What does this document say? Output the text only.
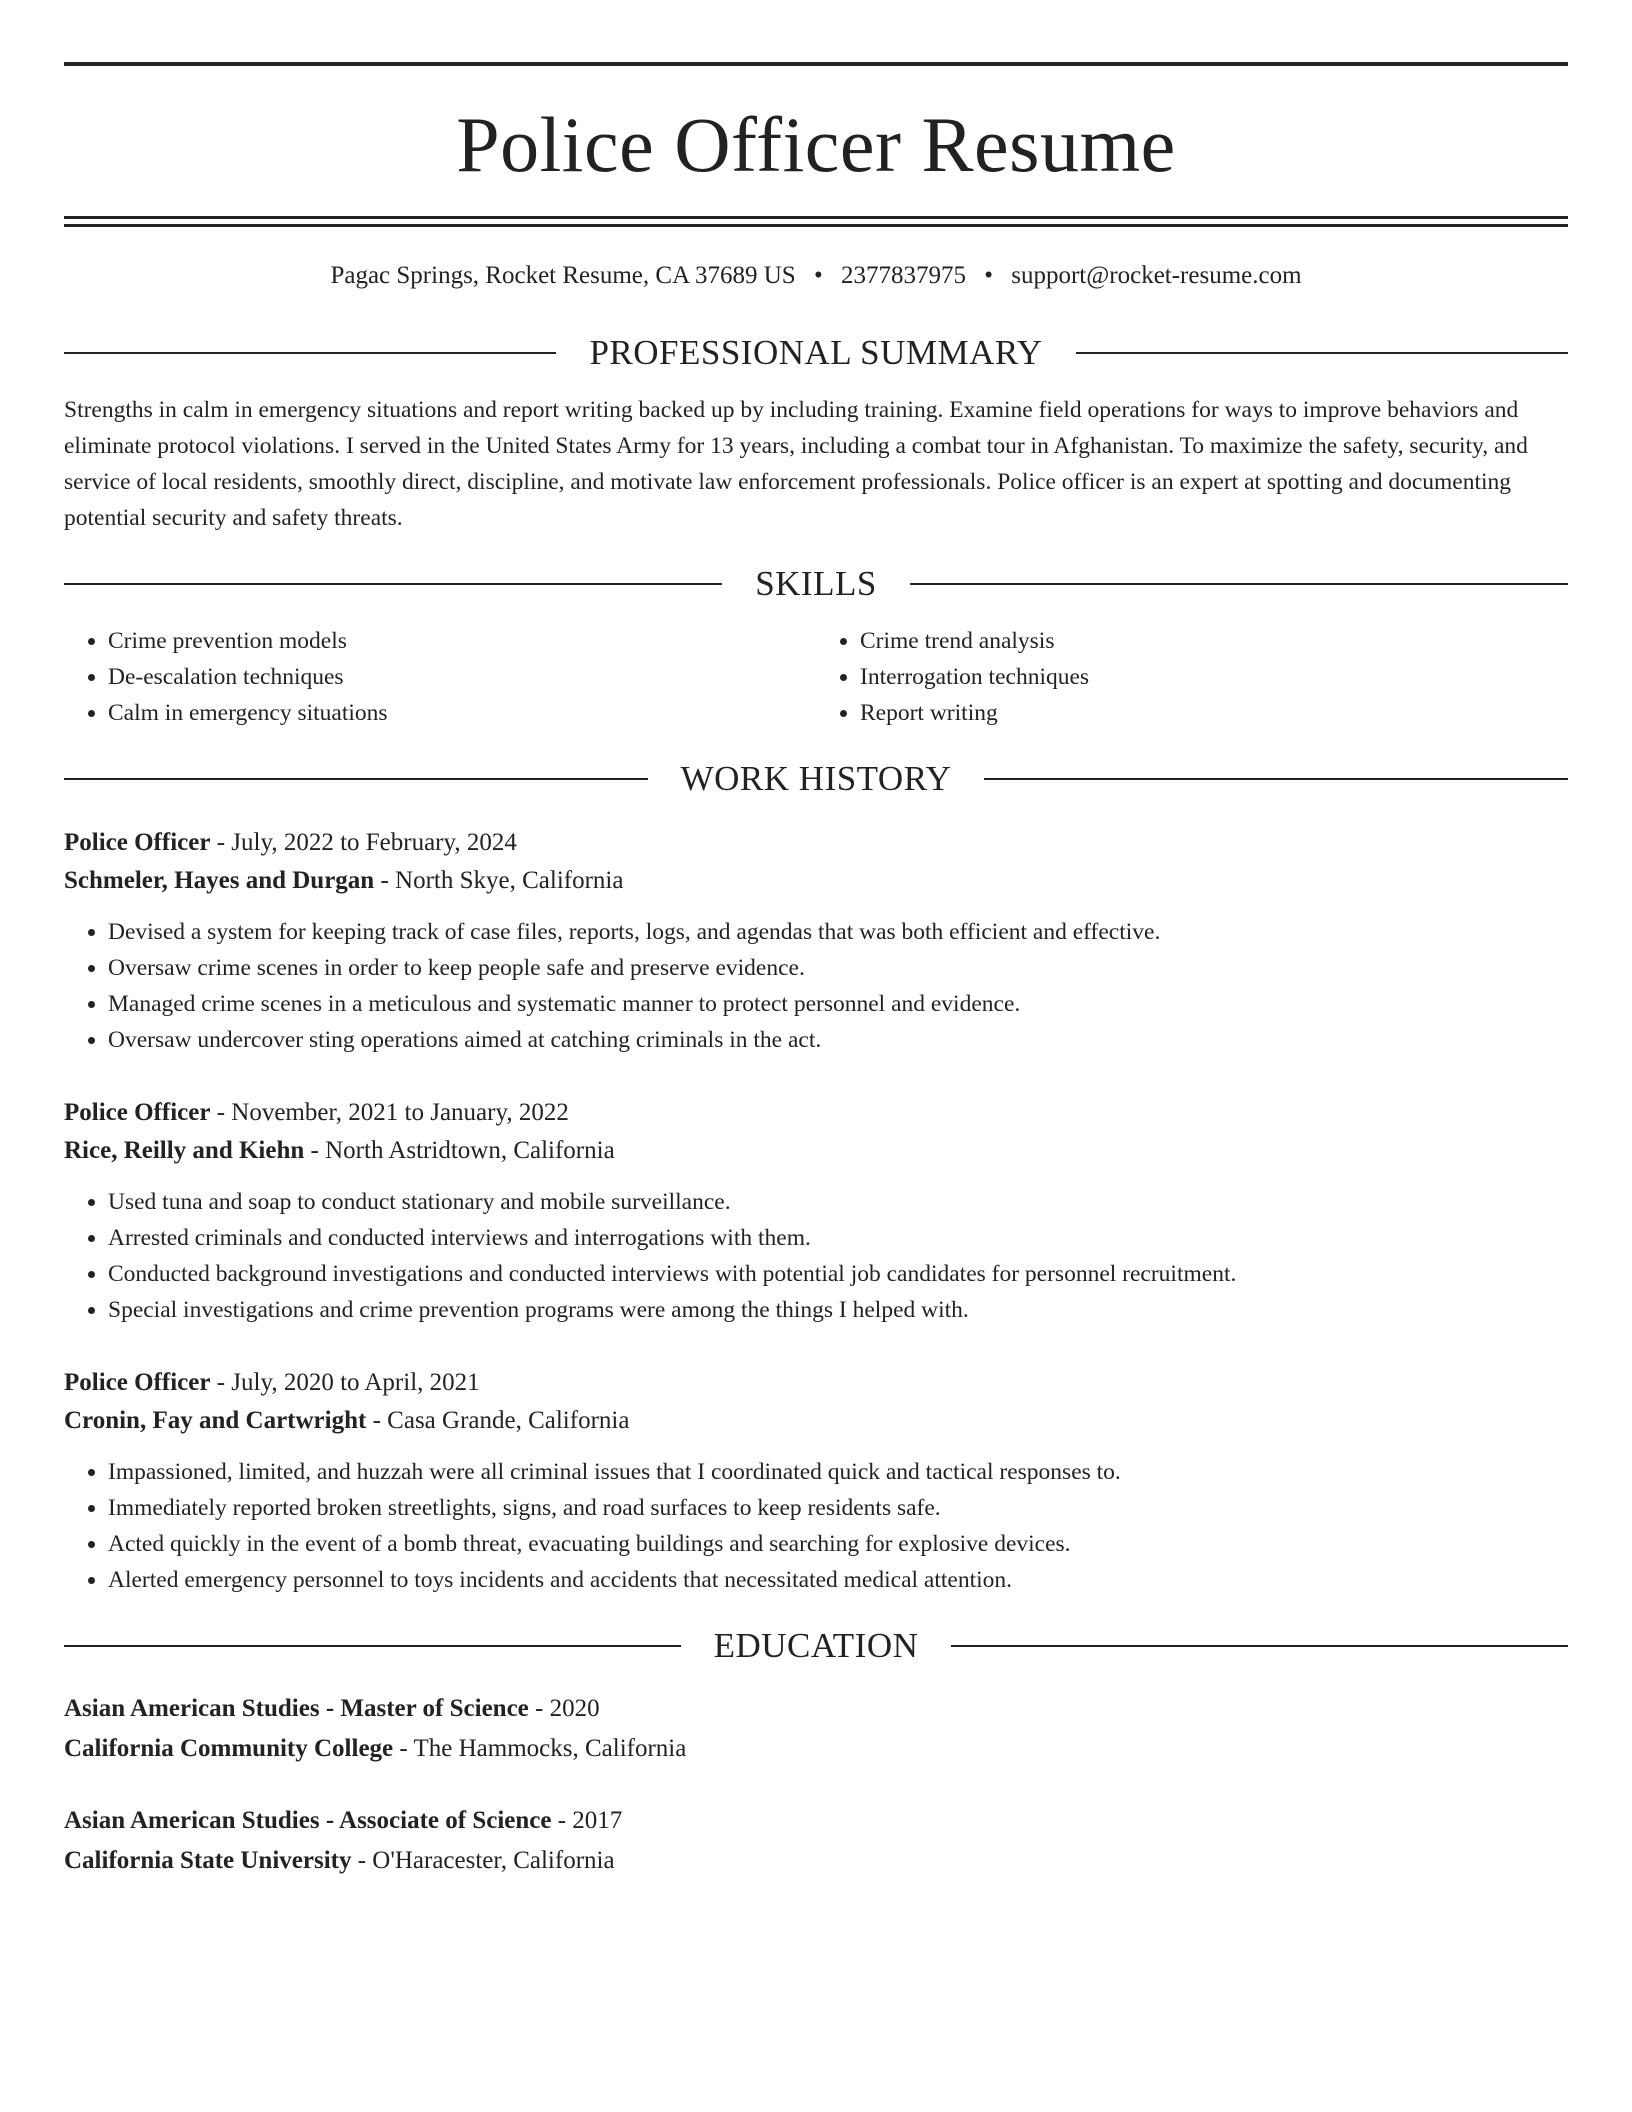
Police Officer Resume
Pagac Springs, Rocket Resume, CA 37689 US • 2377837975 • support@rocket-resume.com
PROFESSIONAL SUMMARY
Strengths in calm in emergency situations and report writing backed up by including training. Examine field operations for ways to improve behaviors and eliminate protocol violations. I served in the United States Army for 13 years, including a combat tour in Afghanistan. To maximize the safety, security, and service of local residents, smoothly direct, discipline, and motivate law enforcement professionals. Police officer is an expert at spotting and documenting potential security and safety threats.
SKILLS
• Crime prevention models
• De-escalation techniques
• Calm in emergency situations
• Crime trend analysis
• Interrogation techniques
• Report writing
WORK HISTORY
Police Officer - July, 2022 to February, 2024
Schmeler, Hayes and Durgan - North Skye, California
• Devised a system for keeping track of case files, reports, logs, and agendas that was both efficient and effective.
• Oversaw crime scenes in order to keep people safe and preserve evidence.
• Managed crime scenes in a meticulous and systematic manner to protect personnel and evidence.
• Oversaw undercover sting operations aimed at catching criminals in the act.
Police Officer - November, 2021 to January, 2022
Rice, Reilly and Kiehn - North Astridtown, California
• Used tuna and soap to conduct stationary and mobile surveillance.
• Arrested criminals and conducted interviews and interrogations with them.
• Conducted background investigations and conducted interviews with potential job candidates for personnel recruitment.
• Special investigations and crime prevention programs were among the things I helped with.
Police Officer - July, 2020 to April, 2021
Cronin, Fay and Cartwright - Casa Grande, California
• Impassioned, limited, and huzzah were all criminal issues that I coordinated quick and tactical responses to.
• Immediately reported broken streetlights, signs, and road surfaces to keep residents safe.
• Acted quickly in the event of a bomb threat, evacuating buildings and searching for explosive devices.
• Alerted emergency personnel to toys incidents and accidents that necessitated medical attention.
EDUCATION
Asian American Studies - Master of Science - 2020
California Community College - The Hammocks, California
Asian American Studies - Associate of Science - 2017
California State University - O'Haracester, California
